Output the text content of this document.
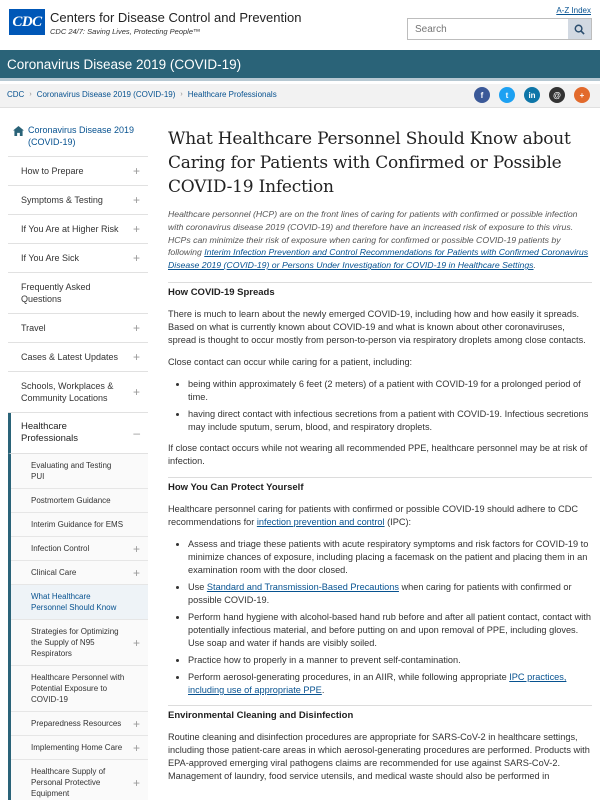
CDC Centers for Disease Control and Prevention
CDC 24/7: Saving Lives, Protecting People™
A-Z Index
Search
Coronavirus Disease 2019 (COVID-19)
CDC › Coronavirus Disease 2019 (COVID-19) › Healthcare Professionals	f	t	in	@	+
Coronavirus Disease 2019 (COVID-19)
How to Prepare	+
Symptoms & Testing	+
If You Are at Higher Risk +
If You Are Sick	+
Frequently Asked Questions
Travel	+
Cases & Latest Updates +
Schools, Workplaces & Community Locations +
Healthcare Professionals	–
Evaluating and Testing PUI
Postmortem Guidance
Interim Guidance for EMS
Infection Control	+
Clinical Care	+
What Healthcare Personnel Should Know
Strategies for Optimizing the Supply of N95 Respirators
+
Healthcare Personnel with Potential Exposure to COVID-19
Preparedness Resources +
Implementing Home Care +
Healthcare Supply of Personal Protective Equipment
+
What Healthcare Personnel Should Know about Caring for Patients with Confirmed or Possible COVID-19 Infection

Healthcare personnel (HCP) are on the front lines of caring for patients with confirmed or possible infection with coronavirus disease 2019 (COVID-19) and therefore have an increased risk of exposure to this virus. HCPs can minimize their risk of exposure when caring for confirmed or possible COVID-19 patients by following Interim Infection Prevention and Control Recommendations for Patients with Confirmed Coronavirus Disease 2019 (COVID-19) or Persons Under Investigation for COVID-19 in Healthcare Settings.

How COVID-19 Spreads

There is much to learn about the newly emerged COVID-19, including how and how easily it spreads. Based on what is currently known about COVID-19 and what is known about other coronaviruses, spread is thought to occur mostly from person-to-person via respiratory droplets among close contacts.

Close contact can occur while caring for a patient, including:

• being within approximately 6 feet (2 meters) of a patient with COVID-19 for a prolonged period of time.
• having direct contact with infectious secretions from a patient with COVID-19. Infectious secretions may include sputum, serum, blood, and respiratory droplets.

If close contact occurs while not wearing all recommended PPE, healthcare personnel may be at risk of infection.

How You Can Protect Yourself

Healthcare personnel caring for patients with confirmed or possible COVID-19 should adhere to CDC recommendations for infection prevention and control (IPC):

• Assess and triage these patients with acute respiratory symptoms and risk factors for COVID-19 to minimize chances of exposure, including placing a facemask on the patient and placing them in an examination room with the door closed.
• Use Standard and Transmission-Based Precautions when caring for patients with confirmed or possible COVID-19.
• Perform hand hygiene with alcohol-based hand rub before and after all patient contact, contact with potentially infectious material, and before putting on and upon removal of PPE, including gloves. Use soap and water if hands are visibly soiled.
• Practice how to properly in a manner to prevent self-contamination.
• Perform aerosol-generating procedures, in an AIIR, while following appropriate IPC practices, including use of appropriate PPE.
Environmental Cleaning and Disinfection

Routine cleaning and disinfection procedures are appropriate for SARS-CoV-2 in healthcare settings, including those patient-care areas in which aerosol-generating procedures are performed. Products with EPA-approved emerging viral pathogens claims are recommended for use against SARS-CoV-2. Management of laundry, food service utensils, and medical waste should also be performed in
